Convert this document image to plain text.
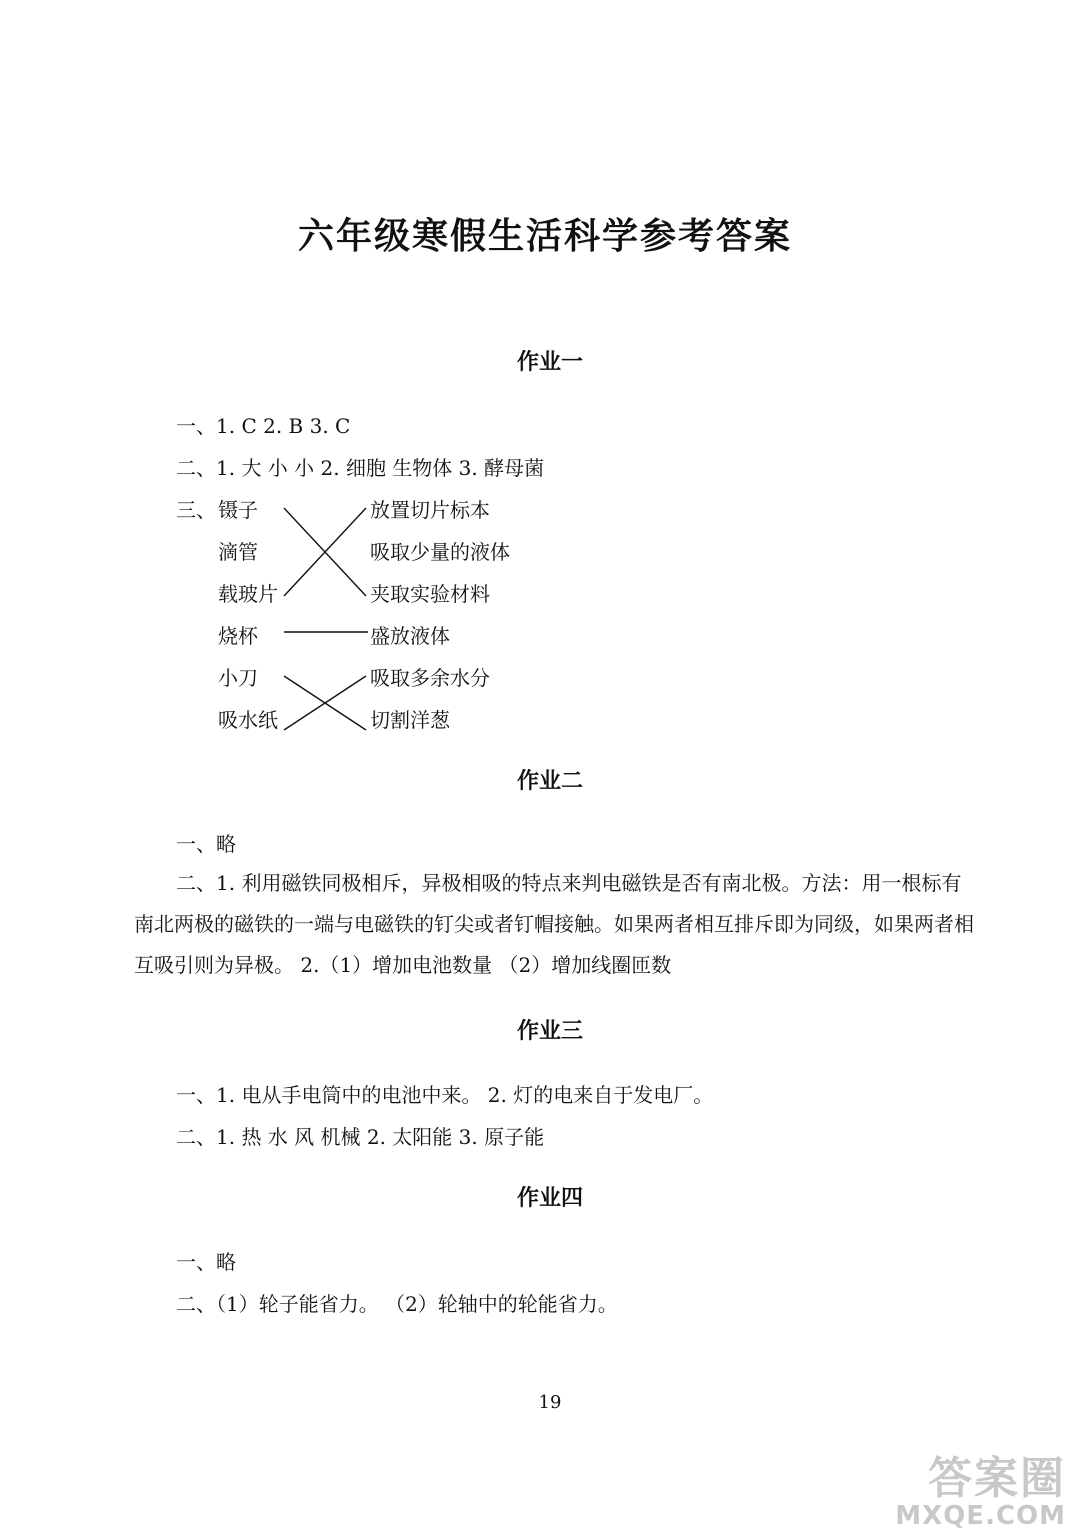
六年级寒假生活科学参考答案
作业一
一、1. C 2. B 3. C
二、1. 大 小 小 2. 细胞 生物体 3. 酵母菌
三、 镊子
滴管
载玻片
烧杯
小刀
吸水纸
放置切片标本
吸取少量的液体
夹取实验材料
盛放液体
吸取多余水分
切割洋葱
作业二
一、略
二、1. 利用磁铁同极相斥，异极相吸的特点来判电磁铁是否有南北极。方法：用一根标有南北两极的磁铁的一端与电磁铁的钉尖或者钉帽接触。如果两者相互排斥即为同级，如果两者相互吸引则为异极。 2.（1）增加电池数量 （2）增加线圈匝数
作业三
一、1. 电从手电筒中的电池中来。 2. 灯的电来自于发电厂。
二、1. 热 水 风 机械 2. 太阳能 3. 原子能
作业四
一、略
二、（1）轮子能省力。 （2）轮轴中的轮能省力。
19
答案圈
MXQE.COM
